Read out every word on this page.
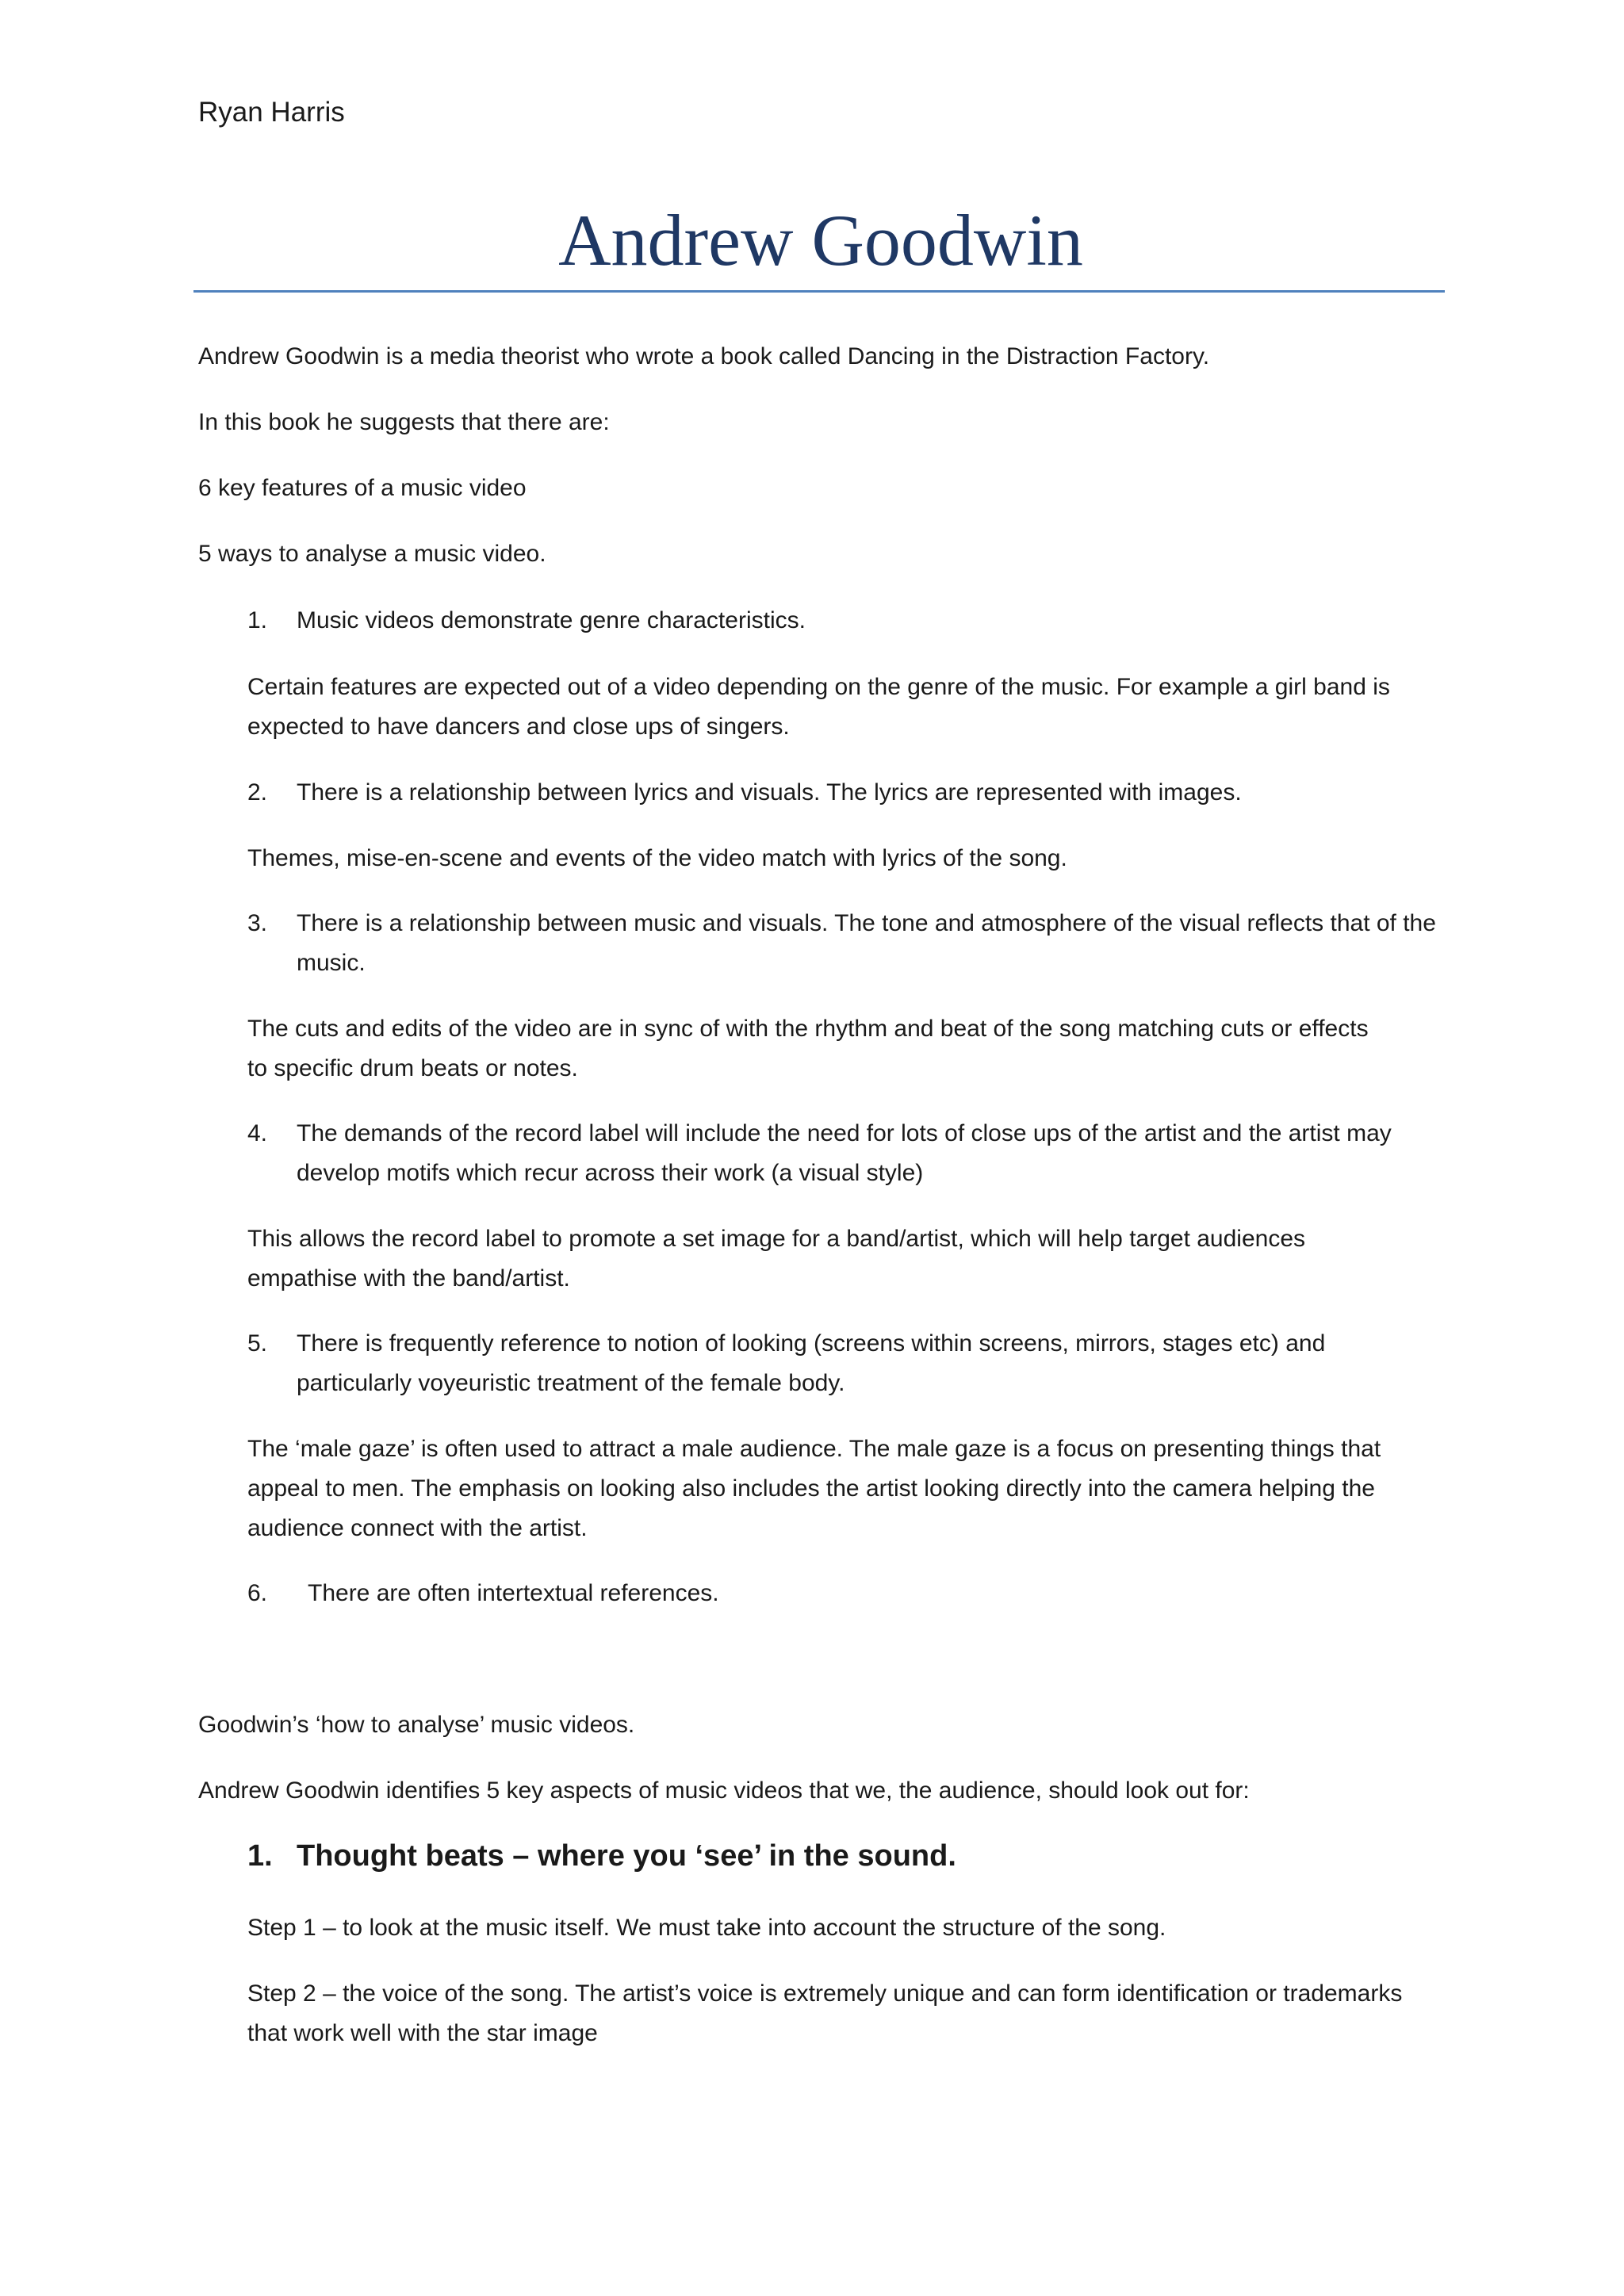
Ryan Harris
Andrew Goodwin
Andrew Goodwin is a media theorist who wrote a book called Dancing in the Distraction Factory.
In this book he suggests that there are:
6 key features of a music video
5 ways to analyse a music video.
1.	Music videos demonstrate genre characteristics.
Certain features are expected out of a video depending on the genre of the music. For example a girl band is expected to have dancers and close ups of singers.
2.	There is a relationship between lyrics and visuals. The lyrics are represented with images.
Themes, mise-en-scene and events of the video match with lyrics of the song.
3.	There is a relationship between music and visuals. The tone and atmosphere of the visual reflects that of the music.
The cuts and edits of the video are in sync of with the rhythm and beat of the song matching cuts or effects to specific drum beats or notes.
4.	The demands of the record label will include the need for lots of close ups of the artist and the artist may develop motifs which recur across their work (a visual style)
This allows the record label to promote a set image for a band/artist, which will help target audiences empathise with the band/artist.
5.	There is frequently reference to notion of looking (screens within screens, mirrors, stages etc) and particularly voyeuristic treatment of the female body.
The ‘male gaze’ is often used to attract a male audience. The male gaze is a focus on presenting things that appeal to men. The emphasis on looking also includes the artist looking directly into the camera helping the audience connect with the artist.
6.	There are often intertextual references.
Goodwin’s ‘how to analyse’ music videos.
Andrew Goodwin identifies 5 key aspects of music videos that we, the audience, should look out for:
1. Thought beats – where you ‘see’ in the sound.
Step 1 – to look at the music itself. We must take into account the structure of the song.
Step 2 – the voice of the song. The artist’s voice is extremely unique and can form identification or trademarks that work well with the star image
